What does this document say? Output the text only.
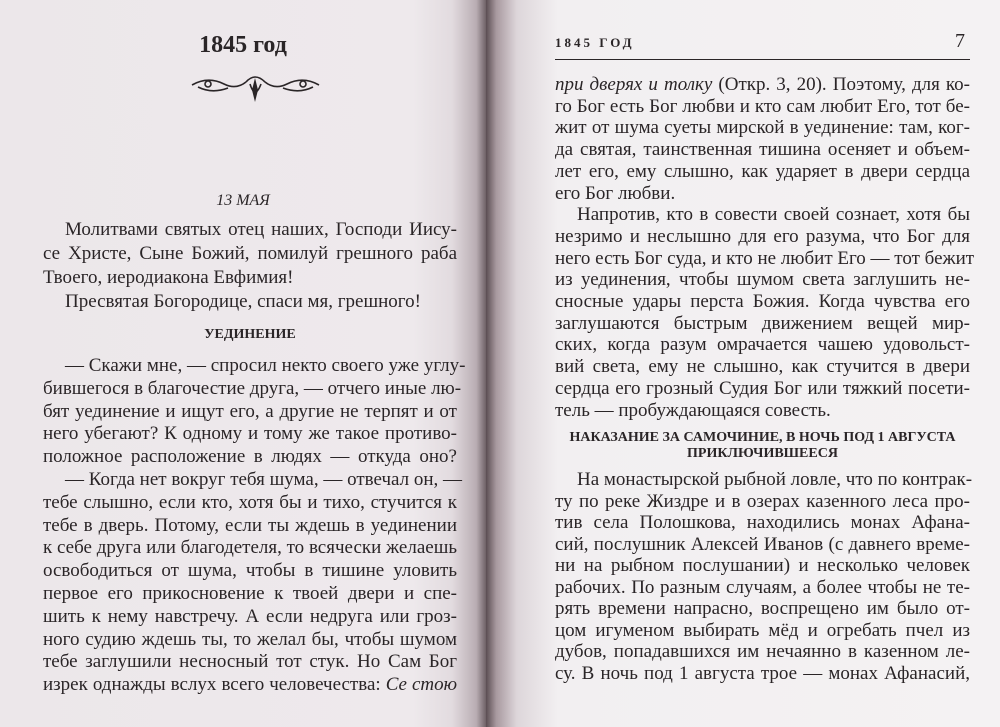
1845 год
13 МАЯ
УЕДИНЕНИЕ
Молитвами святых отец наших, Господи Иису-
се Христе, Сыне Божий, помилуй грешного раба
Твоего, иеродиакона Евфимия!
Пресвятая Богородице, спаси мя, грешного!
— Скажи мне, — спросил некто своего уже углу-
бившегося в благочестие друга, — отчего иные лю-
бят уединение и ищут его, а другие не терпят и от
него убегают? К одному и тому же такое противо-
положное расположение в людях — откуда оно?
— Когда нет вокруг тебя шума, — отвечал он, —
тебе слышно, если кто, хотя бы и тихо, стучится к
тебе в дверь. Потому, если ты ждешь в уединении
к себе друга или благодетеля, то всячески желаешь
освободиться от шума, чтобы в тишине уловить
первое его прикосновение к твоей двери и спе-
шить к нему навстречу. А если недруга или гроз-
ного судию ждешь ты, то желал бы, чтобы шумом
тебе заглушили несносный тот стук. Но Сам Бог
изрек однажды вслух всего человечества: Се стою
1845 ГОД	7
при дверях и толку (Откр. 3, 20). Поэтому, для ко-
го Бог есть Бог любви и кто сам любит Его, тот бе-
жит от шума суеты мирской в уединение: там, ког-
да святая, таинственная тишина осеняет и объем-
лет его, ему слышно, как ударяет в двери сердца
его Бог любви.
Напротив, кто в совести своей сознает, хотя бы
незримо и неслышно для его разума, что Бог для
него есть Бог суда, и кто не любит Его — тот бежит
из уединения, чтобы шумом света заглушить не-
сносные удары перста Божия. Когда чувства его
заглушаются быстрым движением вещей мир-
ских, когда разум омрачается чашею удовольст-
вий света, ему не слышно, как стучится в двери
сердца его грозный Судия Бог или тяжкий посети-
тель — пробуждающаяся совесть.
НАКАЗАНИЕ ЗА САМОЧИНИЕ, В НОЧЬ ПОД 1 АВГУСТА
ПРИКЛЮЧИВШЕЕСЯ
На монастырской рыбной ловле, что по контрак-
ту по реке Жиздре и в озерах казенного леса про-
тив села Полошкова, находились монах Афана-
сий, послушник Алексей Иванов (с давнего време-
ни на рыбном послушании) и несколько человек
рабочих. По разным случаям, а более чтобы не те-
рять времени напрасно, воспрещено им было от-
цом игуменом выбирать мёд и огребать пчел из
дубов, попадавшихся им нечаянно в казенном ле-
су. В ночь под 1 августа трое — монах Афанасий,
